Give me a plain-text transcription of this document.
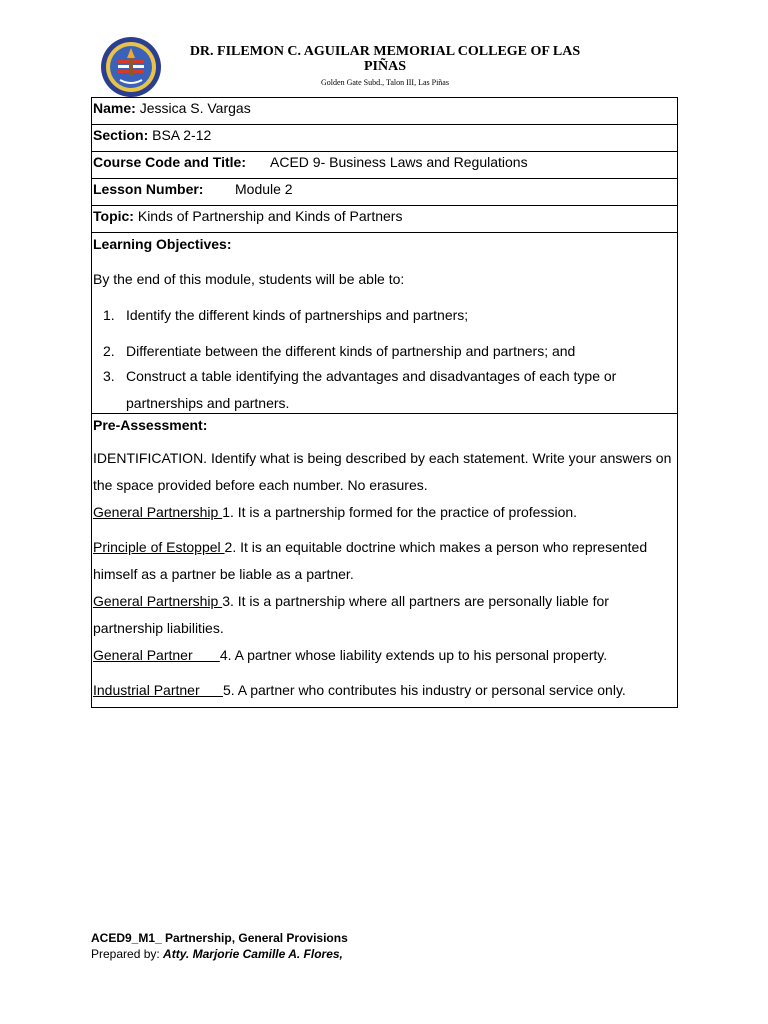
DR. FILEMON C. AGUILAR MEMORIAL COLLEGE OF LAS PIÑAS
Golden Gate Subd., Talon III, Las Piñas
Name: Jessica S. Vargas
Section: BSA 2-12
Course Code and Title: ACED 9- Business Laws and Regulations
Lesson Number: Module 2
Topic: Kinds of Partnership and Kinds of Partners

Learning Objectives:

By the end of this module, students will be able to:

1. Identify the different kinds of partnerships and partners;
2. Differentiate between the different kinds of partnership and partners; and
3. Construct a table identifying the advantages and disadvantages of each type or partnerships and partners.
Pre-Assessment:
IDENTIFICATION. Identify what is being described by each statement. Write your answers on the space provided before each number. No erasures.
General Partnership 1. It is a partnership formed for the practice of profession.
Principle of Estoppel 2. It is an equitable doctrine which makes a person who represented himself as a partner be liable as a partner.
General Partnership 3. It is a partnership where all partners are personally liable for partnership liabilities.
General Partner       4. A partner whose liability extends up to his personal property.
Industrial Partner      5. A partner who contributes his industry or personal service only.
ACED9_M1_ Partnership, General Provisions
Prepared by: Atty. Marjorie Camille A. Flores,
